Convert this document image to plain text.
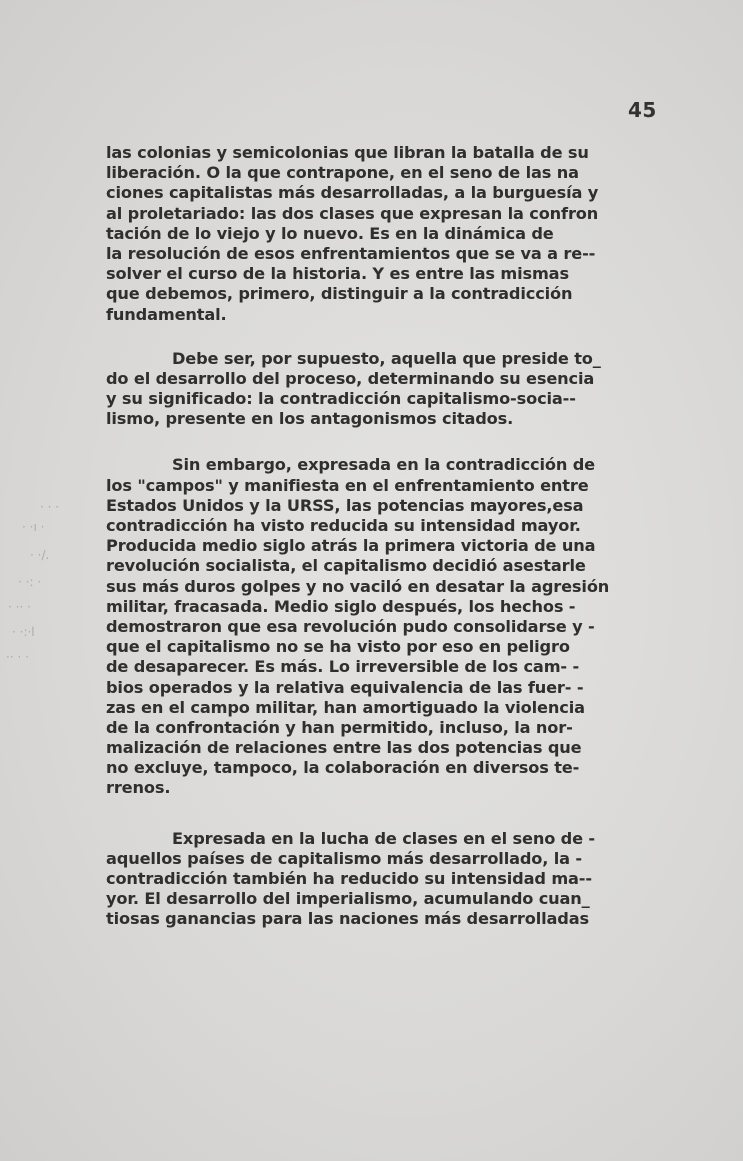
· · ·
· ·ı ·
· ·/.
· ·: ·
· ·· ·
· ·:·l
·· · ·
45
las colonias y semicolonias que libran la batalla de su
liberación. O la que contrapone, en el seno de las na
ciones capitalistas más desarrolladas, a la burguesía y
al proletariado: las dos clases que expresan la confron
tación de lo viejo y lo nuevo. Es en la dinámica de
la resolución de esos enfrentamientos que se va a re--
solver el curso de la historia. Y es entre las mismas
que debemos, primero, distinguir a la contradicción
fundamental.
Debe ser, por supuesto, aquella que preside to_
do el desarrollo del proceso, determinando su esencia
y su significado: la contradicción capitalismo-socia--
lismo, presente en los antagonismos citados.
Sin embargo, expresada en la contradicción de
los "campos" y manifiesta en el enfrentamiento entre
Estados Unidos y la URSS, las potencias mayores,esa
contradicción ha visto reducida su intensidad mayor.
Producida medio siglo atrás la primera victoria de una
revolución socialista, el capitalismo decidió asestarle
sus más duros golpes y no vaciló en desatar la agresión
militar, fracasada. Medio siglo después, los hechos -
demostraron que esa revolución pudo consolidarse y -
que el capitalismo no se ha visto por eso en peligro
de desaparecer. Es más. Lo irreversible de los cam- -
bios operados y la relativa equivalencia de las fuer- -
zas en el campo militar, han amortiguado la violencia
de la confrontación y han permitido, incluso, la nor-
malización de relaciones entre las dos potencias que
no excluye, tampoco, la colaboración en diversos te-
rrenos.
Expresada en la lucha de clases en el seno de -
aquellos países de capitalismo más desarrollado, la -
contradicción también ha reducido su intensidad ma--
yor. El desarrollo del imperialismo, acumulando cuan_
tiosas ganancias para las naciones más desarrolladas
